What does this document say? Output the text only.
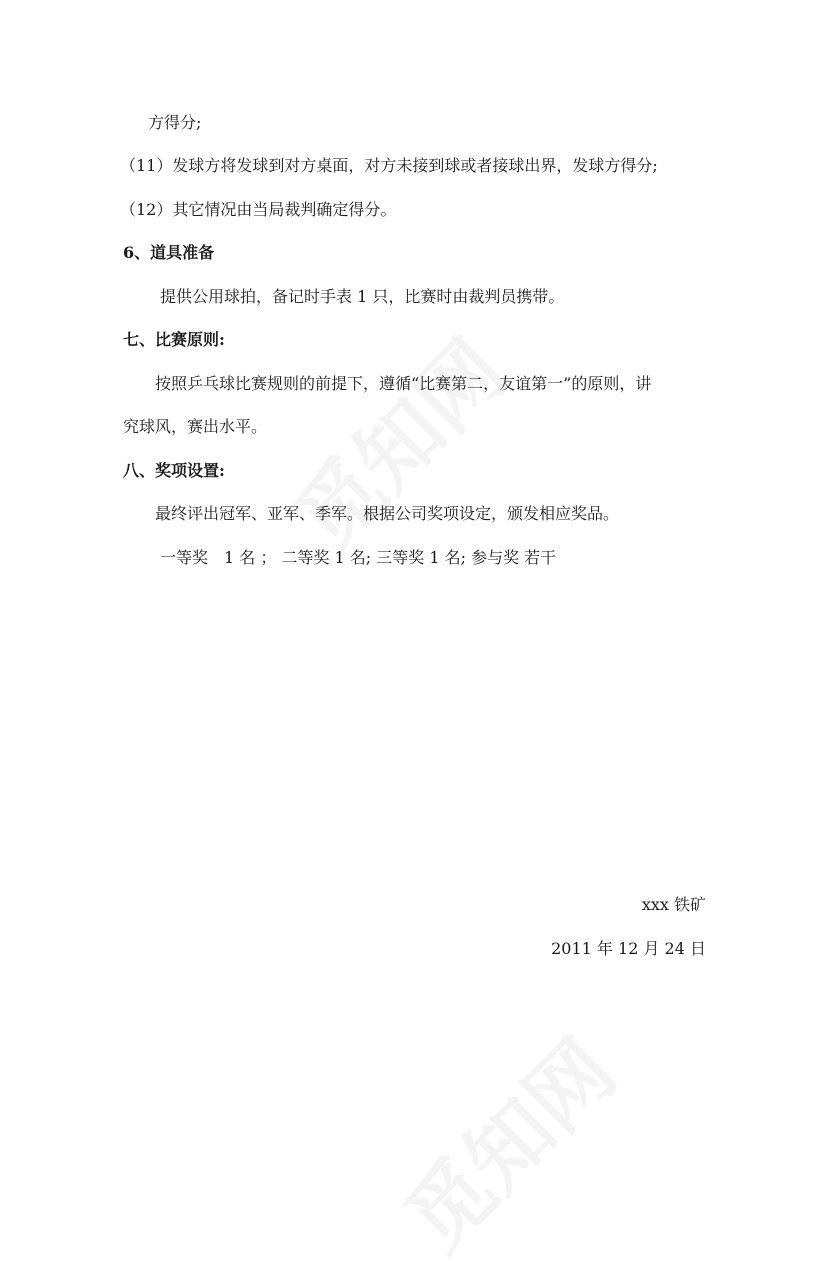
方得分;
（11）发球方将发球到对方桌面，对方未接到球或者接球出界，发球方得分;
（12）其它情况由当局裁判确定得分。
6、道具准备
提供公用球拍，备记时手表 1 只，比赛时由裁判员携带。
七、比赛原则:
按照乒乓球比赛规则的前提下，遵循“比赛第二，友谊第一”的原则，讲
究球风，赛出水平。
八、奖项设置:
最终评出冠军、亚军、季军。根据公司奖项设定，颁发相应奖品。
一等奖　1 名 ； 二等奖 1 名; 三等奖 1 名; 参与奖 若干
xxx 铁矿
2011 年 12 月 24 日
